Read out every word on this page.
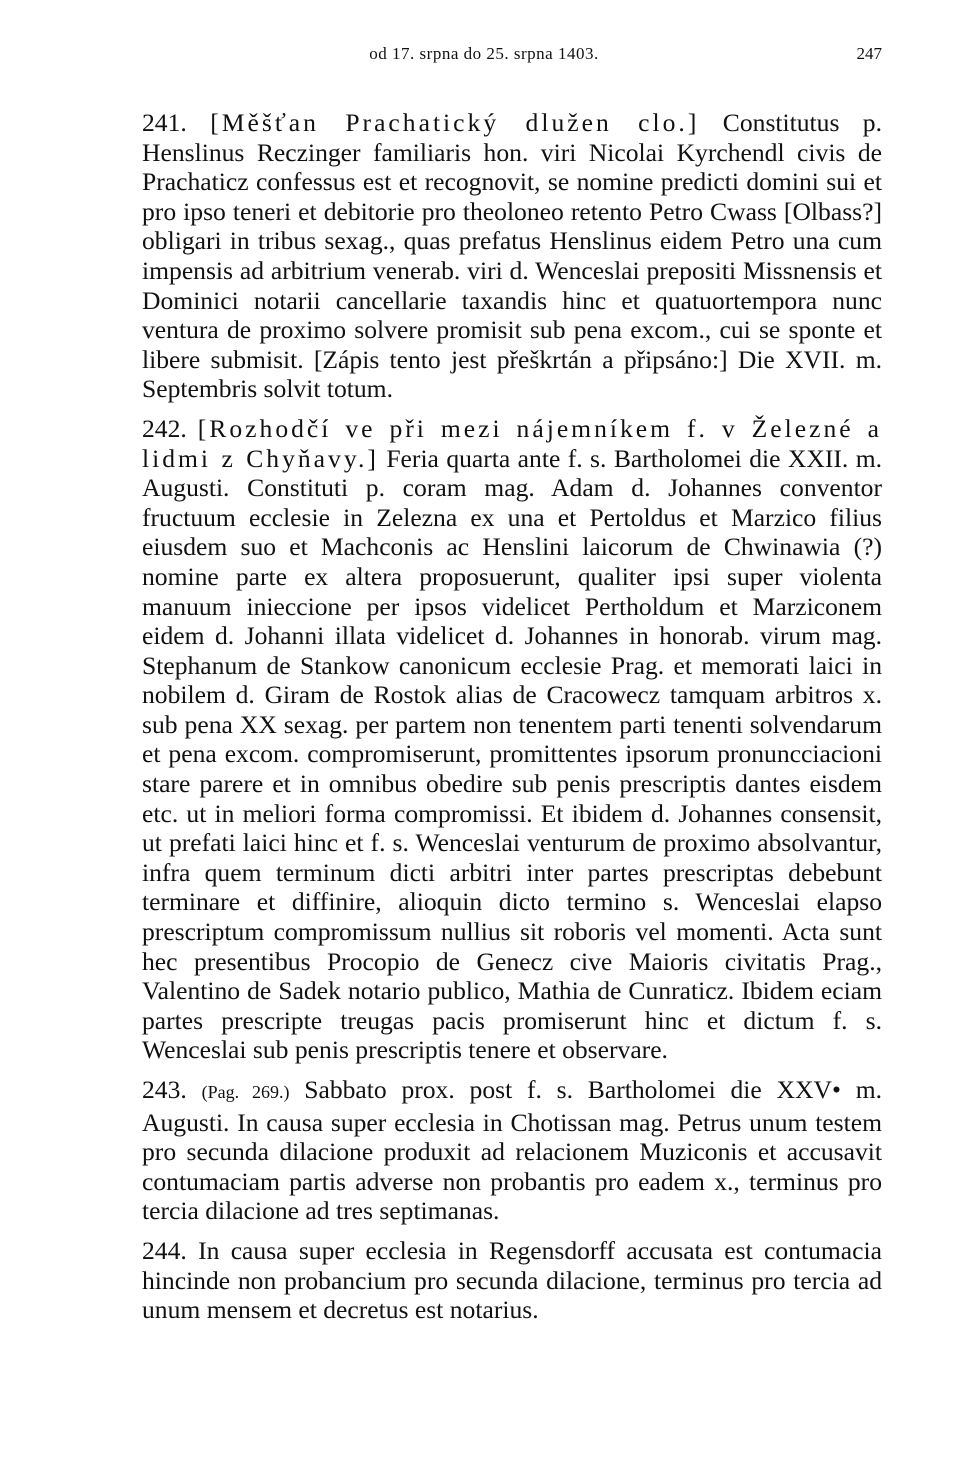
od 17. srpna do 25. srpna 1403.	247

241. [Měšťan Prachatický dlužen clo.] Constitutus p. Henslinus Reczinger familiaris hon. viri Nicolai Kyrchendl civis de Prachaticz confessus est et recognovit, se nomine predicti domini sui et pro ipso teneri et debitorie pro theoloneo retento Petro Cwass [Olbass?] obligari in tribus sexag., quas prefatus Henslinus eidem Petro una cum impensis ad arbitrium venerab. viri d. Wenceslai prepositi Missnensis et Dominici notarii cancellarie taxandis hinc et quatuortempora nunc ventura de proximo solvere promisit sub pena excom., cui se sponte et libere submisit. [Zápis tento jest přeškrtán a připsáno:] Die XVII. m. Septembris solvit totum.

242. [Rozhodčí ve při mezi nájemníkem f. v Železné a lidmi z Chyňavy.] Feria quarta ante f. s. Bartholomei die XXII. m. Augusti. Constituti p. coram mag. Adam d. Johannes conventor fructuum ecclesie in Zelezna ex una et Pertoldus et Marzico filius eiusdem suo et Machconis ac Henslini laicorum de Chwinawia (?) nomine parte ex altera proposuerunt, qualiter ipsi super violenta manuum inieccione per ipsos videlicet Pertholdum et Marziconem eidem d. Johanni illata videlicet d. Johannes in honorab. virum mag. Stephanum de Stankow canonicum ecclesie Prag. et memorati laici in nobilem d. Giram de Rostok alias de Cracowecz tamquam arbitros x. sub pena XX sexag. per partem non tenentem parti tenenti solvendarum et pena excom. compromiserunt, promittentes ipsorum pronuncciacioni stare parere et in omnibus obedire sub penis prescriptis dantes eisdem etc. ut in meliori forma compromissi. Et ibidem d. Johannes consensit, ut prefati laici hinc et f. s. Wenceslai venturum de proximo absolvantur, infra quem terminum dicti arbitri inter partes prescriptas debebunt terminare et diffinire, alioquin dicto termino s. Wenceslai elapso prescriptum compromissum nullius sit roboris vel momenti. Acta sunt hec presentibus Procopio de Genecz cive Maioris civitatis Prag., Valentino de Sadek notario publico, Mathia de Cunraticz. Ibidem eciam partes prescripte treugas pacis promiserunt hinc et dictum f. s. Wenceslai sub penis prescriptis tenere et observare.

243. (Pag. 269.) Sabbato prox. post f. s. Bartholomei die XXV• m. Augusti. In causa super ecclesia in Chotissan mag. Petrus unum testem pro secunda dilacione produxit ad relacionem Muziconis et accusavit contumaciam partis adverse non probantis pro eadem x., terminus pro tercia dilacione ad tres septimanas.

244. In causa super ecclesia in Regensdorff accusata est contumacia hincinde non probancium pro secunda dilacione, terminus pro tercia ad unum mensem et decretus est notarius.
